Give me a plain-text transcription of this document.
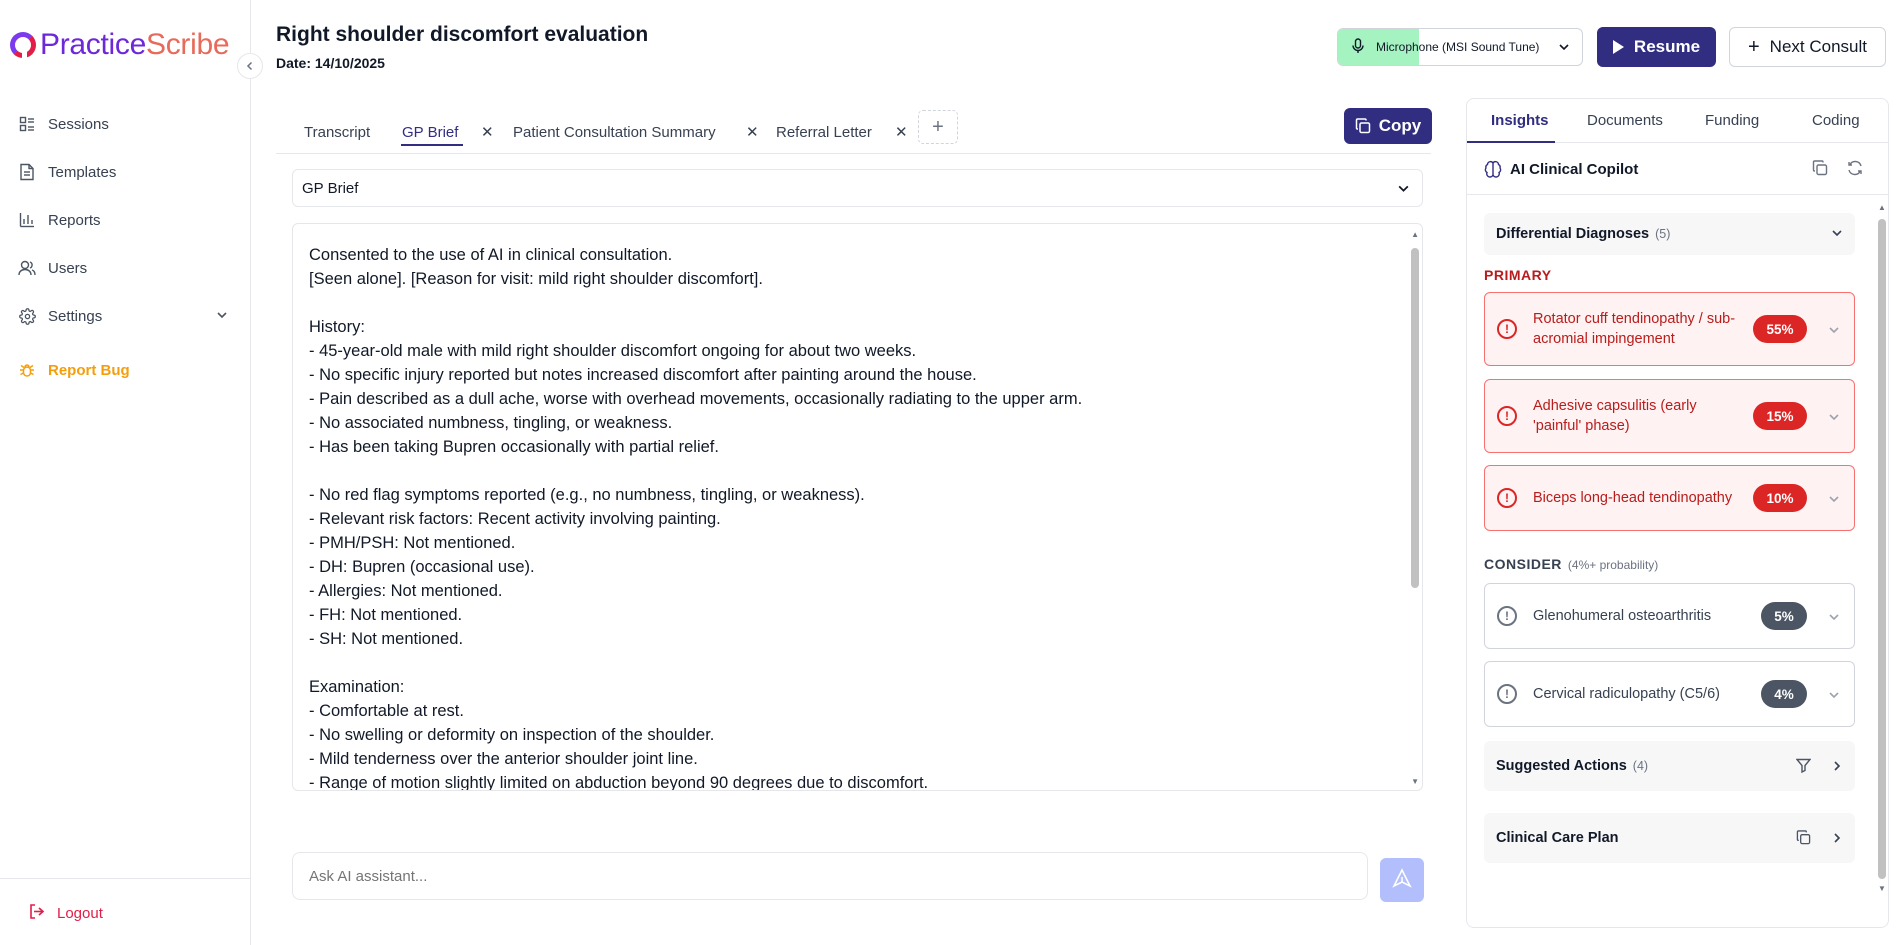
Practice Scribe
Sessions
Templates
Reports
Users
Settings
Report Bug
Logout
Right shoulder discomfort evaluation
Date: 14/10/2025
Microphone (MSI Sound Tune)	Resume + Next Consult
Transcript GP Brief ✕ Patient Consultation Summary ✕ Referral Letter ✕ +	Copy
GP Brief
Consented to the use of AI in clinical consultation.
[Seen alone]. [Reason for visit: mild right shoulder discomfort].

History:
- 45-year-old male with mild right shoulder discomfort ongoing for about two weeks.
- No specific injury reported but notes increased discomfort after painting around the house.
- Pain described as a dull ache, worse with overhead movements, occasionally radiating to the upper arm.
- No associated numbness, tingling, or weakness.
- Has been taking Bupren occasionally with partial relief.

- No red flag symptoms reported (e.g., no numbness, tingling, or weakness).
- Relevant risk factors: Recent activity involving painting.
- PMH/PSH: Not mentioned.
- DH: Bupren (occasional use).
- Allergies: Not mentioned.
- FH: Not mentioned.
- SH: Not mentioned.

Examination:
- Comfortable at rest.
- No swelling or deformity on inspection of the shoulder.
- Mild tenderness over the anterior shoulder joint line.
- Range of motion slightly limited on abduction beyond 90 degrees due to discomfort.
▲
▼
Ask AI assistant...
Insights	Documents	Funding	Coding
AI Clinical Copilot
▲
▼
Differential Diagnoses (5)
PRIMARY
!
Rotator cuff tendinopathy / sub-acromial impingement
55%
!
Adhesive capsulitis (early 'painful' phase)
15%
!	Biceps long-head tendinopathy	10%
CONSIDER (4%+ probability)
!	Glenohumeral osteoarthritis	5%
!	Cervical radiculopathy (C5/6)	4%
Suggested Actions (4)
Clinical Care Plan
